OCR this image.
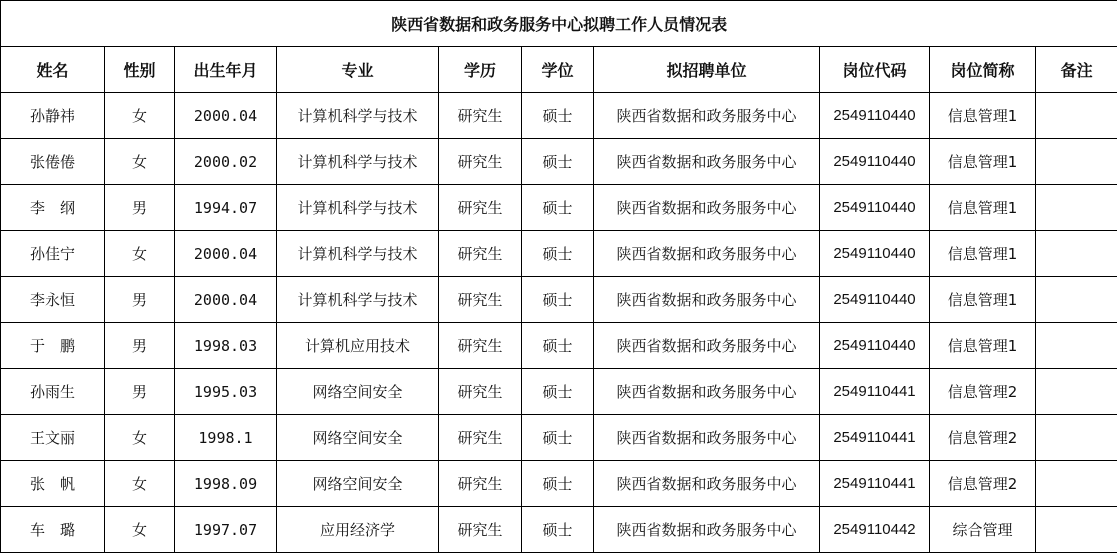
陕西省数据和政务服务中心拟聘工作人员情况表									
姓名	性别	出生年月	专业	学历	学位	拟招聘单位	岗位代码	岗位简称	备注
孙静祎	女	2000.04	计算机科学与技术	研究生	硕士	陕西省数据和政务服务中心	2549110440	信息管理1	
张倦倦	女	2000.02	计算机科学与技术	研究生	硕士	陕西省数据和政务服务中心	2549110440	信息管理1	
李　纲	男	1994.07	计算机科学与技术	研究生	硕士	陕西省数据和政务服务中心	2549110440	信息管理1	
孙佳宁	女	2000.04	计算机科学与技术	研究生	硕士	陕西省数据和政务服务中心	2549110440	信息管理1	
李永恒	男	2000.04	计算机科学与技术	研究生	硕士	陕西省数据和政务服务中心	2549110440	信息管理1	
于　鹏	男	1998.03	计算机应用技术	研究生	硕士	陕西省数据和政务服务中心	2549110440	信息管理1	
孙雨生	男	1995.03	网络空间安全	研究生	硕士	陕西省数据和政务服务中心	2549110441	信息管理2	
王文丽	女	1998.1	网络空间安全	研究生	硕士	陕西省数据和政务服务中心	2549110441	信息管理2	
张　帆	女	1998.09	网络空间安全	研究生	硕士	陕西省数据和政务服务中心	2549110441	信息管理2	
车　璐	女	1997.07	应用经济学	研究生	硕士	陕西省数据和政务服务中心	2549110442	综合管理	
